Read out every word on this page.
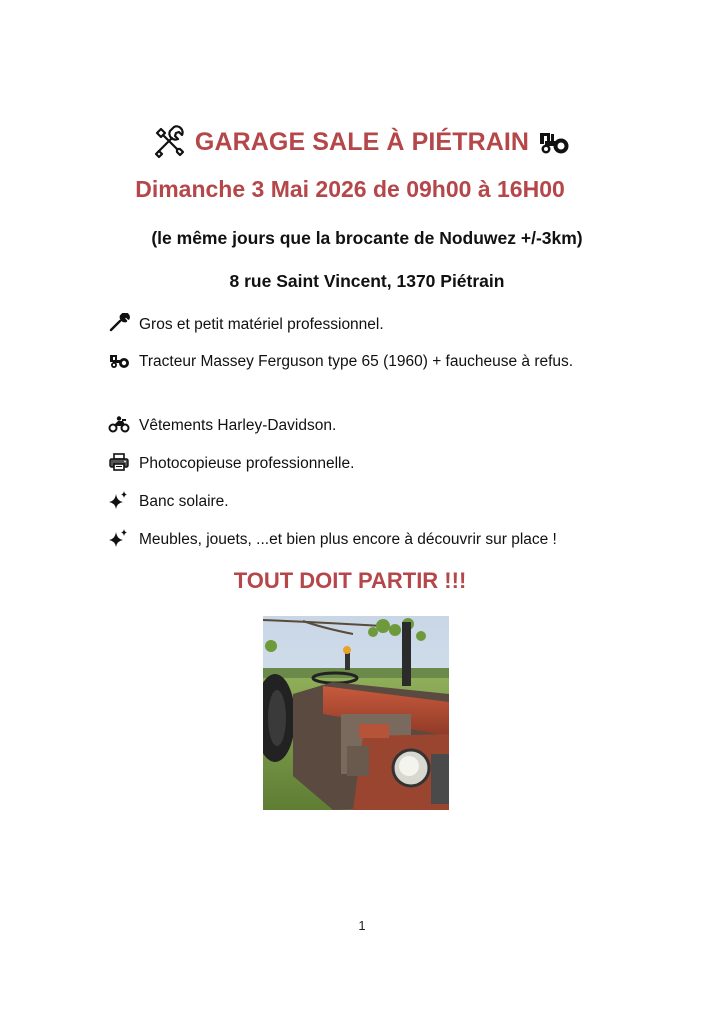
GARAGE SALE À PIÉTRAIN
Dimanche 3 Mai 2026 de 09h00 à 16H00
(le même jours que la brocante de Noduwez +/-3km)
8 rue Saint Vincent, 1370 Piétrain
Gros et petit matériel professionnel.
Tracteur Massey Ferguson type 65 (1960) + faucheuse à refus.
Vêtements Harley-Davidson.
Photocopieuse professionnelle.
Banc solaire.
Meubles, jouets, ...et bien plus encore à découvrir sur place !
TOUT DOIT PARTIR !!!
1
